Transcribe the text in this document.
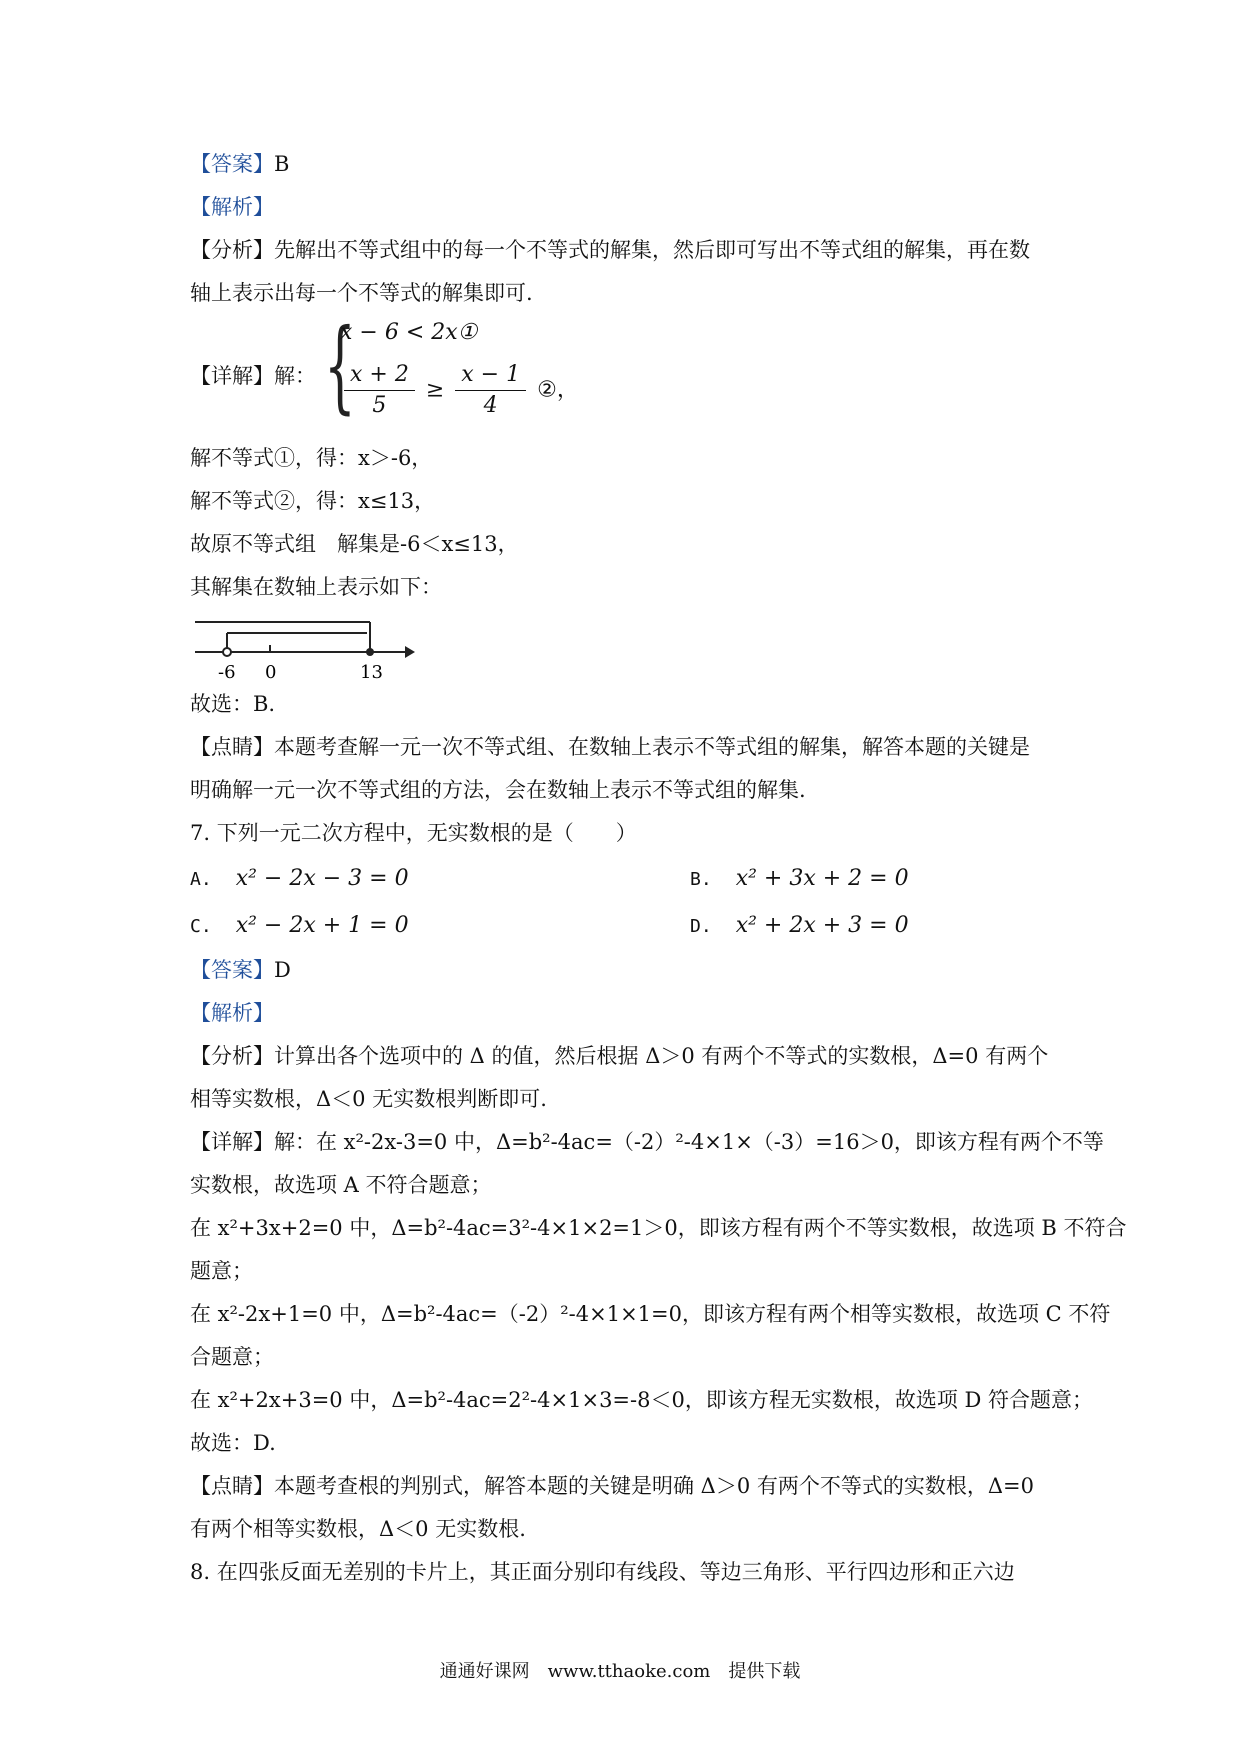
【答案】B
【解析】
【分析】先解出不等式组中的每一个不等式的解集，然后即可写出不等式组的解集，再在数
轴上表示出每一个不等式的解集即可.
【详解】解： {
x − 6 < 2x①
$\frac{x + 2}{5} \ge \frac{x - 1}{4}$ ②，
解不等式①，得：x＞-6，
解不等式②，得：x≤13，
故原不等式组　解集是-6＜x≤13，
其解集在数轴上表示如下：
-6 0	13
故选：B.
【点睛】本题考查解一元一次不等式组、在数轴上表示不等式组的解集，解答本题的关键是
明确解一元一次不等式组的方法，会在数轴上表示不等式组的解集.
7. 下列一元二次方程中，无实数根的是（　　）
A. x² − 2x − 3 = 0	B. x² + 3x + 2 = 0
C. x² − 2x + 1 = 0	D. x² + 2x + 3 = 0
【答案】D
【解析】
【分析】计算出各个选项中的 Δ 的值，然后根据 Δ＞0 有两个不等式的实数根，Δ=0 有两个
相等实数根，Δ＜0 无实数根判断即可.
【详解】解：在 x²-2x-3=0 中，Δ=b²-4ac=（-2）²-4×1×（-3）=16＞0，即该方程有两个不等
实数根，故选项 A 不符合题意；
在 x²+3x+2=0 中，Δ=b²-4ac=3²-4×1×2=1＞0，即该方程有两个不等实数根，故选项 B 不符合
题意；
在 x²-2x+1=0 中，Δ=b²-4ac=（-2）²-4×1×1=0，即该方程有两个相等实数根，故选项 C 不符
合题意；
在 x²+2x+3=0 中，Δ=b²-4ac=2²-4×1×3=-8＜0，即该方程无实数根，故选项 D 符合题意；
故选：D.
【点睛】本题考查根的判别式，解答本题的关键是明确 Δ＞0 有两个不等式的实数根，Δ=0
有两个相等实数根，Δ＜0 无实数根.
8. 在四张反面无差别的卡片上，其正面分别印有线段、等边三角形、平行四边形和正六边
通通好课网　www.tthaoke.com　提供下载
